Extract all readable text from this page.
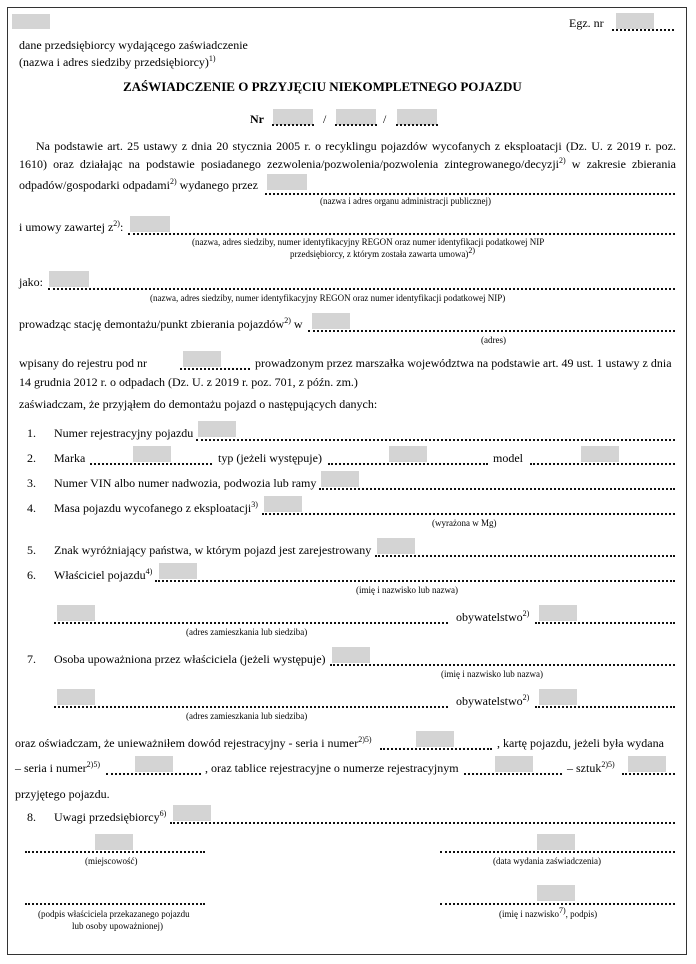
Egz. nr
dane przedsiębiorcy wydającego zaświadczenie
(nazwa i adres siedziby przedsiębiorcy)$^{1)}$
ZAŚWIADCZENIE O PRZYJĘCIU NIEKOMPLETNEGO POJAZDU
Nr	/	/
Na podstawie art. 25 ustawy z dnia 20 stycznia 2005 r. o recyklingu pojazdów wycofanych z eksploatacji (Dz. U. z 2019 r. poz.
1610) oraz działając na podstawie posiadanego zezwolenia/pozwolenia/pozwolenia zintegrowanego/decyzji$^{2)}$ w zakresie zbierania
odpadów/gospodarki odpadami$^{2)}$ wydanego przez
(nazwa i adres organu administracji publicznej)
i umowy zawartej $z^{2)}$:
(nazwa, adres siedziby, numer identyfikacyjny REGON oraz numer identyfikacji podatkowej NIP
przedsiębiorcy, z którym została zawarta umowa)$^{2)}$
jako:
(nazwa, adres siedziby, numer identyfikacyjny REGON oraz numer identyfikacji podatkowej NIP)
prowadząc stację demontażu/punkt zbierania pojazdów$^{2)}$ w
(adres)
wpisany do rejestru pod nr	prowadzonym przez marszałka województwa na podstawie art. 49 ust. 1 ustawy z dnia
14 grudnia 2012 r. o odpadach (Dz. U. z 2019 r. poz. 701, z późn. zm.)
zaświadczam, że przyjąłem do demontażu pojazd o następujących danych:
1. Numer rejestracyjny pojazdu
2. Marka	typ (jeżeli występuje)	model
3. Numer VIN albo numer nadwozia, podwozia lub ramy
4. Masa pojazdu wycofanego z eksploatacji$^{3)}$
(wyrażona w Mg)
5. Znak wyróżniający państwa, w którym pojazd jest zarejestrowany
6. Właściciel pojazdu$^{4)}$
(imię i nazwisko lub nazwa)
(adres zamieszkania lub siedziba)
obywatelstwo$^{2)}$
7. Osoba upoważniona przez właściciela (jeżeli występuje)
(imię i nazwisko lub nazwa)
(adres zamieszkania lub siedziba)
obywatelstwo$^{2)}$
oraz oświadczam, że unieważniłem dowód rejestracyjny - seria i numer$^{2)5)}$	, kartę pojazdu, jeżeli była wydana
– seria i numer$^{2)5)}$	, oraz tablice rejestracyjne o numerze rejestracyjnym	– sztuk$^{2)5)}$
przyjętego pojazdu.
8. Uwagi przedsiębiorcy$^{6)}$
(miejscowość)	(data wydania zaświadczenia)
(podpis właściciela przekazanego pojazdu
lub osoby upoważnionej)
(imię i nazwisko$^{7)}$, podpis)
